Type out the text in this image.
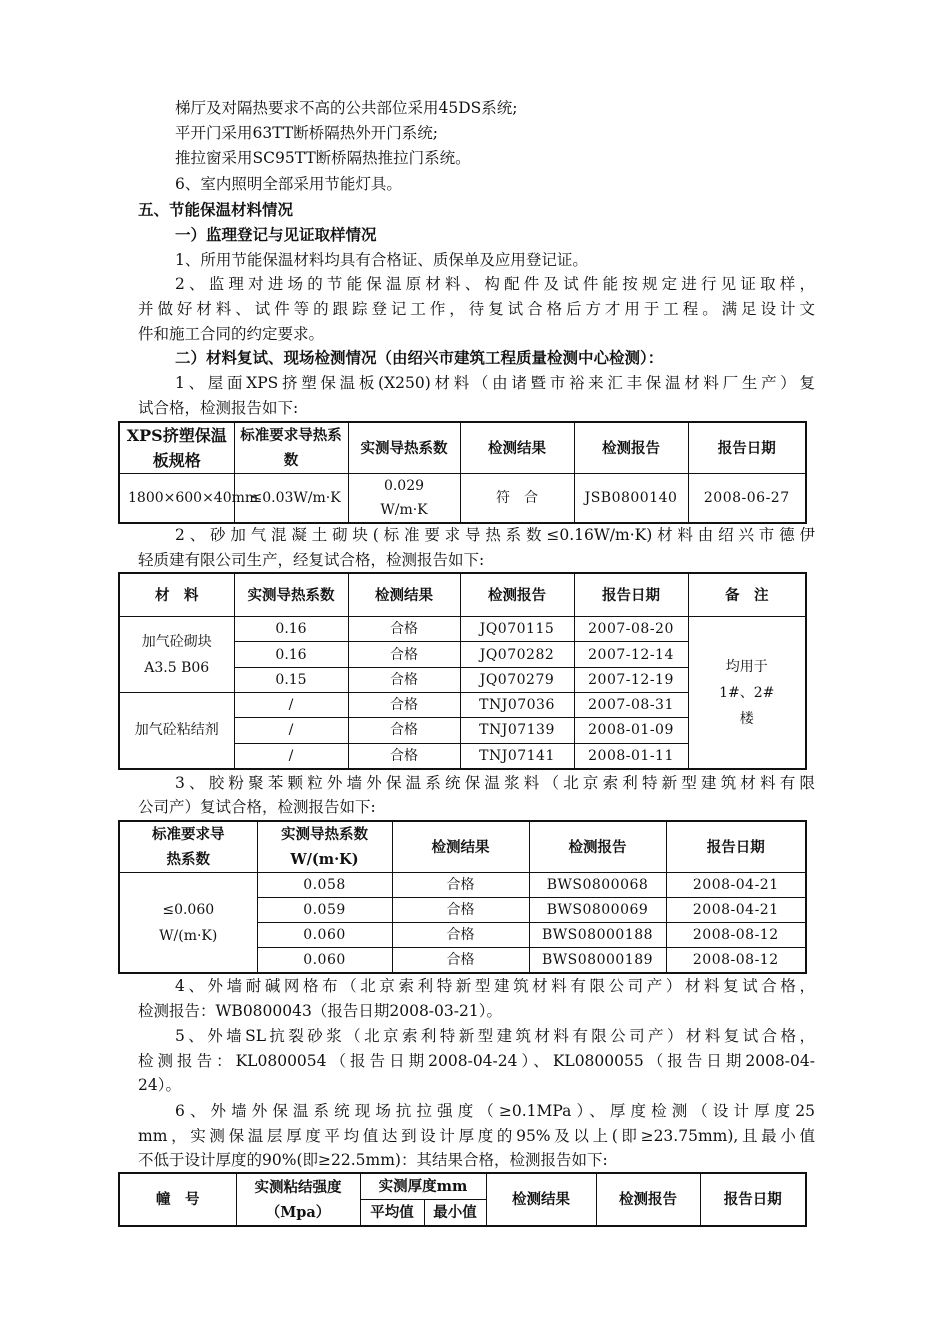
梯厅及对隔热要求不高的公共部位采用45DS系统;
平开门采用63TT断桥隔热外开门系统;
推拉窗采用SC95TT断桥隔热推拉门系统。
6、室内照明全部采用节能灯具。
五、节能保温材料情况
一）监理登记与见证取样情况
1、所用节能保温材料均具有合格证、质保单及应用登记证。
2、监理对进场的节能保温原材料、构配件及试件能按规定进行见证取样，
并做好材料、试件等的跟踪登记工作，待复试合格后方才用于工程。满足设计文
件和施工合同的约定要求。
二）材料复试、现场检测情况（由绍兴市建筑工程质量检测中心检测）：
1、屋面XPS挤塑保温板(X250)材料（由诸暨市裕来汇丰保温材料厂生产）复
试合格，检测报告如下:
XPS挤塑保温板规格	标准要求导热系数	实测导热系数	检测结果	检测报告	报告日期
1800×600×40mm	≤0.03W/m·K	0.029 W/m·K	符　合	JSB0800140	2008-06-27
2、砂加气混凝土砌块(标准要求导热系数≤0.16W/m·K)材料由绍兴市德伊
轻质建有限公司生产，经复试合格，检测报告如下:
材　料	实测导热系数	检测结果	检测报告	报告日期	备　注
加气砼砌块 A3.5 B06	0.16	合格	JQ070115	2007-08-20	均用于 1#、2#楼
	0.16	合格	JQ070282	2007-12-14	
	0.15	合格	JQ070279	2007-12-19	
加气砼粘结剂	/	合格	TNJ07036	2007-08-31	
	/	合格	TNJ07139	2008-01-09	
	/	合格	TNJ07141	2008-01-11	
3、胶粉聚苯颗粒外墙外保温系统保温浆料（北京索利特新型建筑材料有限
公司产）复试合格，检测报告如下:
标准要求导热系数	实测导热系数 W/(m·K)	检测结果	检测报告	报告日期
≤0.060 W/(m·K)	0.058	合格	BWS0800068	2008-04-21
	0.059	合格	BWS0800069	2008-04-21
	0.060	合格	BWS08000188	2008-08-12
	0.060	合格	BWS08000189	2008-08-12
4、外墙耐碱网格布（北京索利特新型建筑材料有限公司产）材料复试合格，
检测报告：WB0800043（报告日期2008-03-21）。
5、外墙SL抗裂砂浆（北京索利特新型建筑材料有限公司产）材料复试合格，
检测报告：KL0800054（报告日期2008-04-24）、KL0800055（报告日期2008-04-
24）。
6、外墙外保温系统现场抗拉强度（≥0.1MPa）、厚度检测（设计厚度25
mm，实测保温层厚度平均值达到设计厚度的95%及以上(即≥23.75mm),且最小值
不低于设计厚度的90%(即≥22.5mm)：其结果合格，检测报告如下:
幢　号	实测粘结强度（Mpa）	实测厚度mm		检测结果	检测报告	报告日期
		平均值	最小值			
